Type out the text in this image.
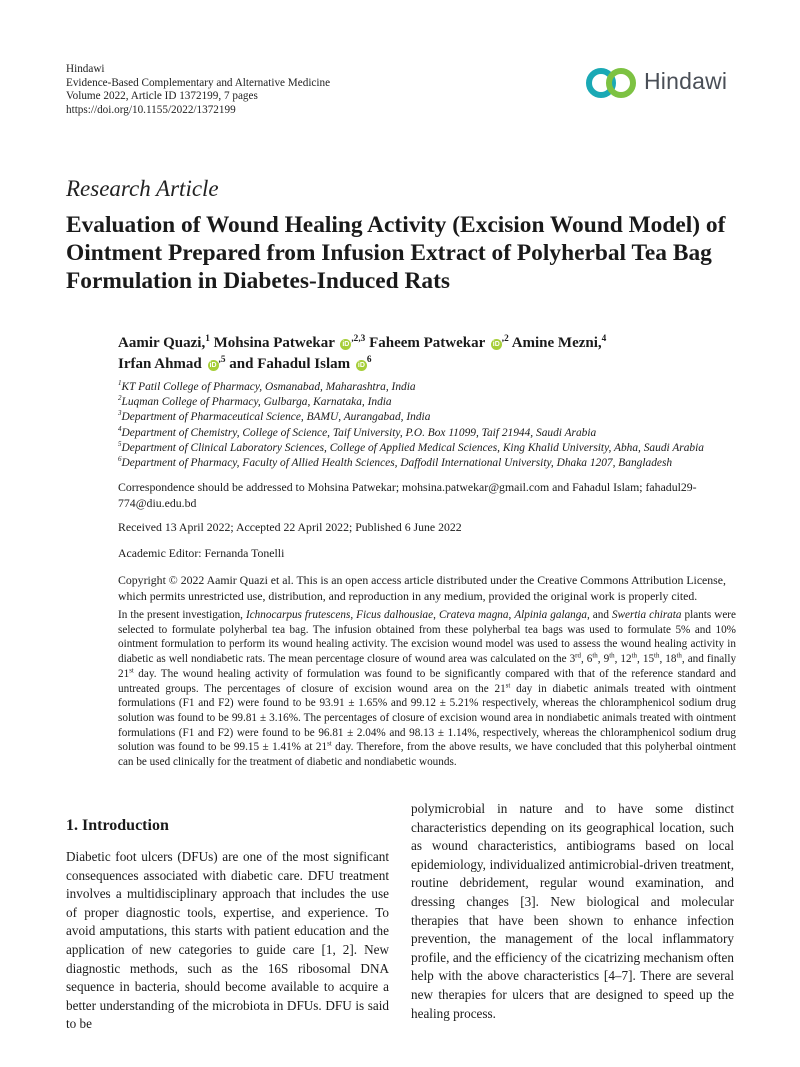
Hindawi
Evidence-Based Complementary and Alternative Medicine
Volume 2022, Article ID 1372199, 7 pages
https://doi.org/10.1155/2022/1372199
Hindawi
Research Article
Evaluation of Wound Healing Activity (Excision Wound Model) of Ointment Prepared from Infusion Extract of Polyherbal Tea Bag Formulation in Diabetes-Induced Rats
Aamir Quazi,$^1$ Mohsina Patwekar $iD^{,2,3}$ Faheem Patwekar $iD^{,2}$ Amine Mezni,$^4$
Irfan Ahmad $iD^{,5}$ and Fahadul Islam $iD^6$
$^1$KT Patil College of Pharmacy, Osmanabad, Maharashtra, India
$^2$Luqman College of Pharmacy, Gulbarga, Karnataka, India
$^3$Department of Pharmaceutical Science, BAMU, Aurangabad, India
$^4$Department of Chemistry, College of Science, Taif University, P.O. Box 11099, Taif 21944, Saudi Arabia
$^5$Department of Clinical Laboratory Sciences, College of Applied Medical Sciences, King Khalid University, Abha, Saudi Arabia
$^6$Department of Pharmacy, Faculty of Allied Health Sciences, Daffodil International University, Dhaka 1207, Bangladesh
Correspondence should be addressed to Mohsina Patwekar; mohsina.patwekar@gmail.com and Fahadul Islam; fahadul29-774@diu.edu.bd
Received 13 April 2022; Accepted 22 April 2022; Published 6 June 2022
Academic Editor: Fernanda Tonelli
Copyright © 2022 Aamir Quazi et al. This is an open access article distributed under the Creative Commons Attribution License, which permits unrestricted use, distribution, and reproduction in any medium, provided the original work is properly cited.
In the present investigation, Ichnocarpus frutescens, Ficus dalhousiae, Crateva magna, Alpinia galanga, and Swertia chirata plants were selected to formulate polyherbal tea bag. The infusion obtained from these polyherbal tea bags was used to formulate 5% and 10% ointment formulation to perform its wound healing activity. The excision wound model was used to assess the wound healing activity in diabetic as well nondiabetic rats. The mean percentage closure of wound area was calculated on the 3rd, 6th, 9th, 12th, 15th, 18th, and finally 21st day. The wound healing activity of formulation was found to be significantly compared with that of the reference standard and untreated groups. The percentages of closure of excision wound area on the 21st day in diabetic animals treated with ointment formulations (F1 and F2) were found to be 93.91 ± 1.65% and 99.12 ± 5.21% respectively, whereas the chloramphenicol sodium drug solution was found to be 99.81 ± 3.16%. The percentages of closure of excision wound area in nondiabetic animals treated with ointment formulations (F1 and F2) were found to be 96.81 ± 2.04% and 98.13 ± 1.14%, respectively, whereas the chloramphenicol sodium drug solution was found to be 99.15 ± 1.41% at 21st day. Therefore, from the above results, we have concluded that this polyherbal ointment can be used clinically for the treatment of diabetic and nondiabetic wounds.
1. Introduction
Diabetic foot ulcers (DFUs) are one of the most significant consequences associated with diabetic care. DFU treatment involves a multidisciplinary approach that includes the use of proper diagnostic tools, expertise, and experience. To avoid amputations, this starts with patient education and the application of new categories to guide care [1, 2]. New diagnostic methods, such as the 16S ribosomal DNA sequence in bacteria, should become available to acquire a better understanding of the microbiota in DFUs. DFU is said to be
polymicrobial in nature and to have some distinct characteristics depending on its geographical location, such as wound characteristics, antibiograms based on local epidemiology, individualized antimicrobial-driven treatment, routine debridement, regular wound examination, and dressing changes [3]. New biological and molecular therapies that have been shown to enhance infection prevention, the management of the local inflammatory profile, and the efficiency of the cicatrizing mechanism often help with the above characteristics [4–7]. There are several new therapies for ulcers that are designed to speed up the healing process.
